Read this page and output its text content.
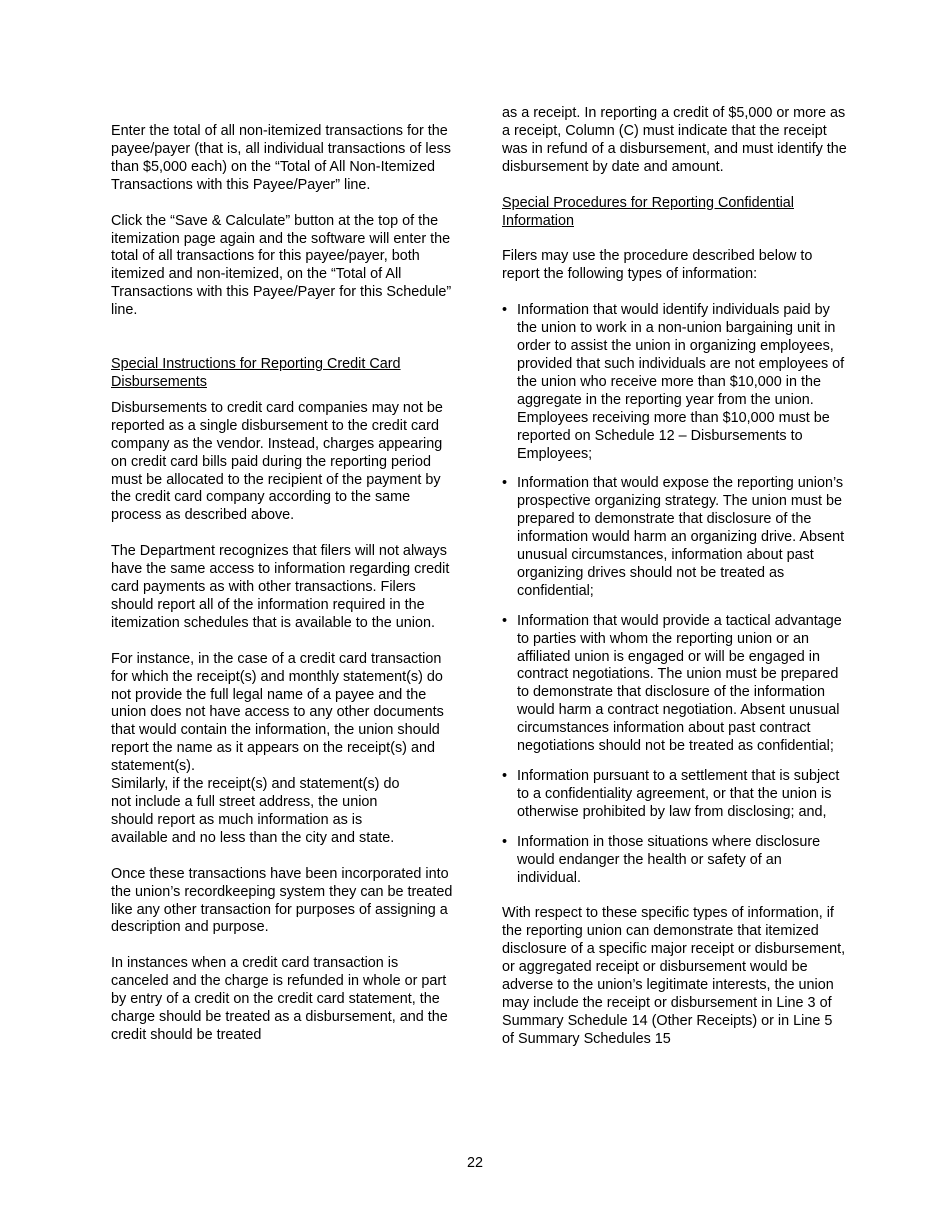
Enter the total of all non-itemized transactions for the payee/payer (that is, all individual transactions of less than $5,000 each) on the “Total of All Non-Itemized Transactions with this Payee/Payer” line.

Click the “Save & Calculate” button at the top of the itemization page again and the software will enter the total of all transactions for this payee/payer, both itemized and non-itemized, on the “Total of All Transactions with this Payee/Payer for this Schedule” line.

Special Instructions for Reporting Credit Card Disbursements

Disbursements to credit card companies may not be reported as a single disbursement to the credit card company as the vendor. Instead, charges appearing on credit card bills paid during the reporting period must be allocated to the recipient of the payment by the credit card company according to the same process as described above.

The Department recognizes that filers will not always have the same access to information regarding credit card payments as with other transactions. Filers should report all of the information required in the itemization schedules that is available to the union.

For instance, in the case of a credit card transaction for which the receipt(s) and monthly statement(s) do not provide the full legal name of a payee and the union does not have access to any other documents that would contain the information, the union should report the name as it appears on the receipt(s) and statement(s).

Similarly, if the receipt(s) and statement(s) do not include a full street address, the union should report as much information as is available and no less than the city and state.

Once these transactions have been incorporated into the union’s recordkeeping system they can be treated like any other transaction for purposes of assigning a description and purpose.

In instances when a credit card transaction is canceled and the charge is refunded in whole or part by entry of a credit on the credit card statement, the charge should be treated as a disbursement, and the credit should be treated

as a receipt. In reporting a credit of $5,000 or more as a receipt, Column (C) must indicate that the receipt was in refund of a disbursement, and must identify the disbursement by date and amount.

Special Procedures for Reporting Confidential Information

Filers may use the procedure described below to report the following types of information:

• Information that would identify individuals paid by the union to work in a non-union bargaining unit in order to assist the union in organizing employees, provided that such individuals are not employees of the union who receive more than $10,000 in the aggregate in the reporting year from the union. Employees receiving more than $10,000 must be reported on Schedule 12 – Disbursements to Employees;
• Information that would expose the reporting union’s prospective organizing strategy. The union must be prepared to demonstrate that disclosure of the information would harm an organizing drive. Absent unusual circumstances, information about past organizing drives should not be treated as confidential;
• Information that would provide a tactical advantage to parties with whom the reporting union or an affiliated union is engaged or will be engaged in contract negotiations. The union must be prepared to demonstrate that disclosure of the information would harm a contract negotiation. Absent unusual circumstances information about past contract negotiations should not be treated as confidential;
• Information pursuant to a settlement that is subject to a confidentiality agreement, or that the union is otherwise prohibited by law from disclosing; and,
• Information in those situations where disclosure would endanger the health or safety of an individual.

With respect to these specific types of information, if the reporting union can demonstrate that itemized disclosure of a specific major receipt or disbursement, or aggregated receipt or disbursement would be adverse to the union’s legitimate interests, the union may include the receipt or disbursement in Line 3 of Summary Schedule 14 (Other Receipts) or in Line 5 of Summary Schedules 15

22
